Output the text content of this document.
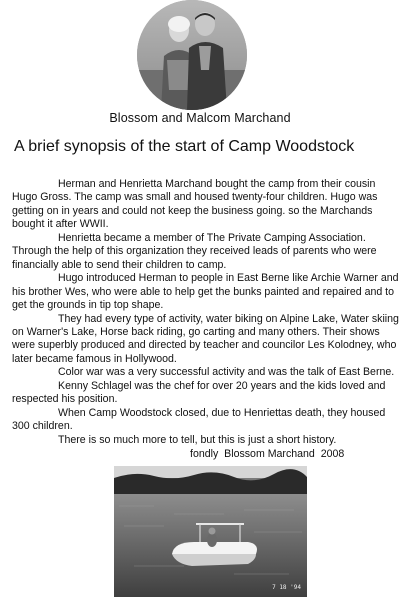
Blossom and Malcom Marchand
A brief synopsis of the start of Camp Woodstock

Herman and Henrietta Marchand bought the camp from their cousin Hugo Gross. The camp was small and housed twenty-four children. Hugo was getting on in years and could not keep the business going. so the Marchands bought it after WWII.

Henrietta became a member of The Private Camping Association. Through the help of this organization they received leads of parents who were financially able to send their children to camp.

Hugo introduced Herman to people in East Berne like Archie Warner and his brother Wes, who were able to help get the bunks painted and repaired and to get the grounds in tip top shape.

They had every type of activity, water biking on Alpine Lake, Water skiing on Warner's Lake, Horse back riding, go carting and many others. Their shows were superbly produced and directed by teacher and councilor Les Kolodney, who later became famous in Hollywood.

Color war was a very successful activity and was the talk of East Berne.

Kenny Schlagel was the chef for over 20 years and the kids loved and respected his position.

When Camp Woodstock closed, due to Henriettas death, they housed 300 children.

There is so much more to tell, but this is just a short history.

fondly  Blossom Marchand  2008
7 18 '94
